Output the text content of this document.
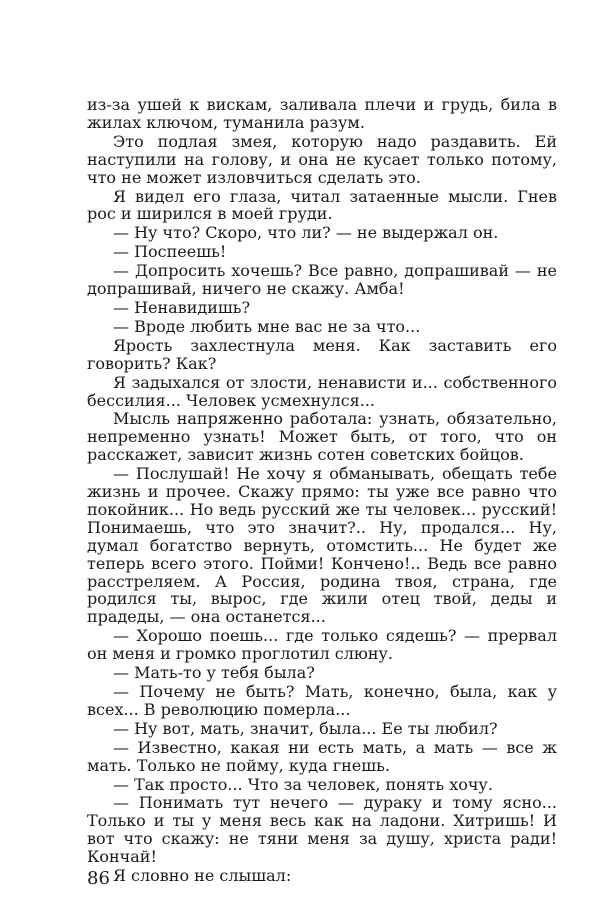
из-за ушей к вискам, заливала плечи и грудь, била в жилах ключом, туманила разум.

Это подлая змея, которую надо раздавить. Ей наступили на голову, и она не кусает только потому, что не может изловчиться сделать это.

Я видел его глаза, читал затаенные мысли. Гнев рос и ширился в моей груди.

— Ну что? Скоро, что ли? — не выдержал он.

— Поспеешь!

— Допросить хочешь? Все равно, допрашивай — не допрашивай, ничего не скажу. Амба!

— Ненавидишь?

— Вроде любить мне вас не за что...

Ярость захлестнула меня. Как заставить его говорить? Как?

Я задыхался от злости, ненависти и... собственного бессилия... Человек усмехнулся...

Мысль напряженно работала: узнать, обязательно, непременно узнать! Может быть, от того, что он расскажет, зависит жизнь сотен советских бойцов.

— Послушай! Не хочу я обманывать, обещать тебе жизнь и прочее. Скажу прямо: ты уже все равно что покойник... Но ведь русский же ты человек... русский! Понимаешь, что это значит?.. Ну, продался... Ну, думал богатство вернуть, отомстить... Не будет же теперь всего этого. Пойми! Кончено!.. Ведь все равно расстреляем. А Россия, родина твоя, страна, где родился ты, вырос, где жили отец твой, деды и прадеды, — она останется...

— Хорошо поешь... где только сядешь? — прервал он меня и громко проглотил слюну.

— Мать-то у тебя была?

— Почему не быть? Мать, конечно, была, как у всех... В революцию померла...

— Ну вот, мать, значит, была... Ее ты любил?

— Известно, какая ни есть мать, а мать — все ж мать. Только не пойму, куда гнешь.

— Так просто... Что за человек, понять хочу.

— Понимать тут нечего — дураку и тому ясно... Только и ты у меня весь как на ладони. Хитришь! И вот что скажу: не тяни меня за душу, христа ради! Кончай!

Я словно не слышал:

86
